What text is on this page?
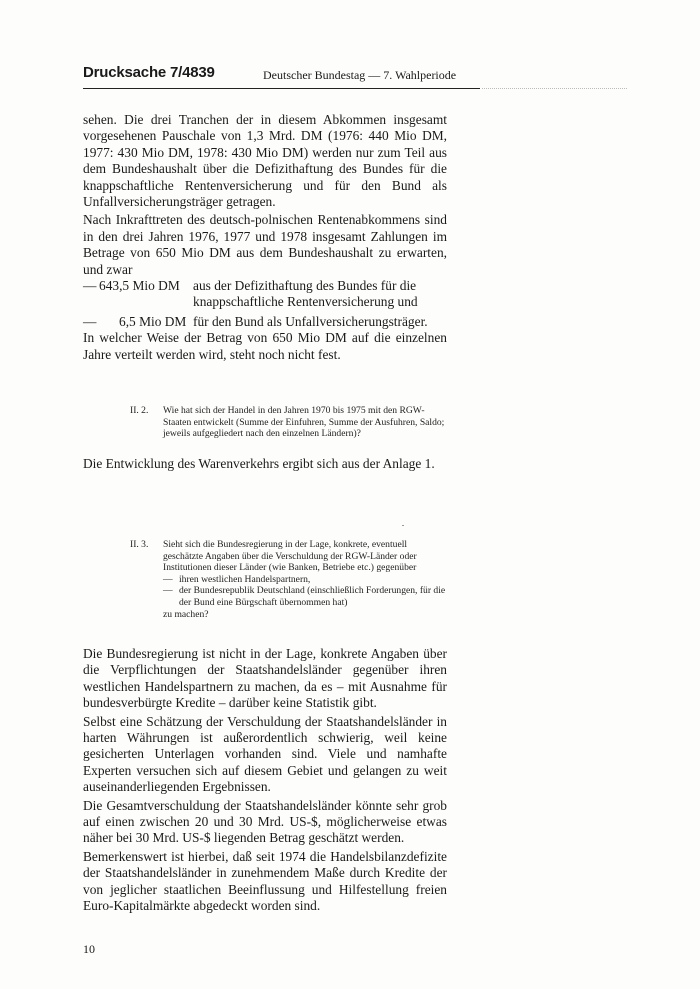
Drucksache 7/4839	Deutscher Bundestag — 7. Wahlperiode

sehen. Die drei Tranchen der in diesem Abkommen insgesamt vorgesehenen Pauschale von 1,3 Mrd. DM (1976: 440 Mio DM, 1977: 430 Mio DM, 1978: 430 Mio DM) werden nur zum Teil aus dem Bundeshaushalt über die Defizithaftung des Bundes für die knappschaftliche Rentenversicherung und für den Bund als Unfallversicherungsträger getragen.

Nach Inkrafttreten des deutsch-polnischen Rentenabkommens sind in den drei Jahren 1976, 1977 und 1978 insgesamt Zahlungen im Betrage von 650 Mio DM aus dem Bundeshaushalt zu erwarten, und zwar

— 643,5 Mio DM aus der Defizithaftung des Bundes für die knappschaftliche Rentenversicherung und
— 6,5 Mio DM für den Bund als Unfallversicherungsträger.

In welcher Weise der Betrag von 650 Mio DM auf die einzelnen Jahre verteilt werden wird, steht noch nicht fest.

II. 2. Wie hat sich der Handel in den Jahren 1970 bis 1975 mit den RGW-Staaten entwickelt (Summe der Einfuhren, Summe der Ausfuhren, Saldo; jeweils aufgegliedert nach den einzelnen Ländern)?

Die Entwicklung des Warenverkehrs ergibt sich aus der Anlage 1.

II. 3. Sieht sich die Bundesregierung in der Lage, konkrete, eventuell geschätzte Angaben über die Verschuldung der RGW-Länder oder Institutionen dieser Länder (wie Banken, Betriebe etc.) gegenüber

— ihren westlichen Handelspartnern,
— der Bundesrepublik Deutschland (einschließlich Forderungen, für die der Bund eine Bürgschaft übernommen hat)

zu machen?

Die Bundesregierung ist nicht in der Lage, konkrete Angaben über die Verpflichtungen der Staatshandelsländer gegenüber ihren westlichen Handelspartnern zu machen, da es – mit Ausnahme für bundesverbürgte Kredite – darüber keine Statistik gibt.

Selbst eine Schätzung der Verschuldung der Staatshandelsländer in harten Währungen ist außerordentlich schwierig, weil keine gesicherten Unterlagen vorhanden sind. Viele und namhafte Experten versuchen sich auf diesem Gebiet und gelangen zu weit auseinanderliegenden Ergebnissen.

Die Gesamtverschuldung der Staatshandelsländer könnte sehr grob auf einen zwischen 20 und 30 Mrd. US-$, möglicherweise etwas näher bei 30 Mrd. US-$ liegenden Betrag geschätzt werden.

Bemerkenswert ist hierbei, daß seit 1974 die Handelsbilanzdefizite der Staatshandelsländer in zunehmendem Maße durch Kredite der von jeglicher staatlichen Beeinflussung und Hilfestellung freien Euro-Kapitalmärkte abgedeckt worden sind.

10
